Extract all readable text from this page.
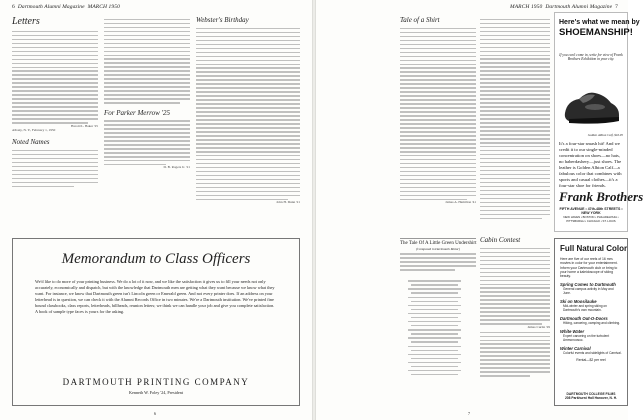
6 Dartmouth Alumni Magazine MARCH 1950
Letters
Harold L. Baker '25
Albany, N. Y., February 1, 1950
Noted Names
For Parker Merrow '25
D. B. Rogers Jr. '21
Webster's Birthday
John H. Dunn '21
Memorandum to Class Officers
We'd like to do more of your printing business. We do a lot of it now, and we like the satisfaction it gives us to fill your needs not only accurately, economically and dispatch, but with the knowledge that Dartmouth men are getting what they want because we know what they want. For instance, we know that Dartmouth green isn't Lincoln green or Emerald green. And not every printer does. If an address on your letterhead is in question, we can check it with the Alumni Records Office in two minutes. We're a Dartmouth institution. We've printed fine bound classbooks, class reports, letterheads, billheads, reunion letters; we think we can handle your job and give you complete satisfaction. A book of sample type faces is yours for the asking.
DARTMOUTH PRINTING COMPANY
Kenneth W. Foley '24, President
6
MARCH 1950 Dartmouth Alumni Magazine 7
Tale of a Shirt
James A. Hamilton '41
The Tale Of A Little Green Undershirt
(Composed in Dartmouth Motor)
Cabin Contest
James Curtin '29
Here's what we mean by
SHOEMANSHIP!
If you can't come in, write for view of Frank Brothers Exhibition in your city.
Golden Albion Calf, $16.95
It's a four-star smash hit! And we credit it to our single-minded concentration on shoes—no hats, no haberdashery—just shoes. The leather is Golden Albion Calf—a fabulous color that combines with sports and casual clothes—it's a four-star shoe for friends.
Frank Brothers
FIFTH AVENUE • 47th-48th STREETS • NEW YORK
NEW HAVEN • BOSTON • PHILADELPHIA • PITTSBURGH • CHICAGO • ST. LOUIS
Full Natural Color
Here are five of our reels of 16 mm. movies in color for your entertainment. Inform your Dartmouth club or bring to your home a kaleidoscope of skiing beauty.
Spring Comes to Dartmouth
General campus activity in May and June.
Ski on Moosilauke
Mid-winter and spring skiing on Dartmouth's own mountain.
Dartmouth Out-O-Doors
Hiking, canoeing, camping and climbing.
White Water
Expert canoeing on the turbulent Ammonoosuc.
Winter Carnival
Colorful events and sidelights of Carnival.
Rental—$2 per reel
DARTMOUTH COLLEGE FILMS
208 Parkhurst Hall Hanover, N. H.
7
